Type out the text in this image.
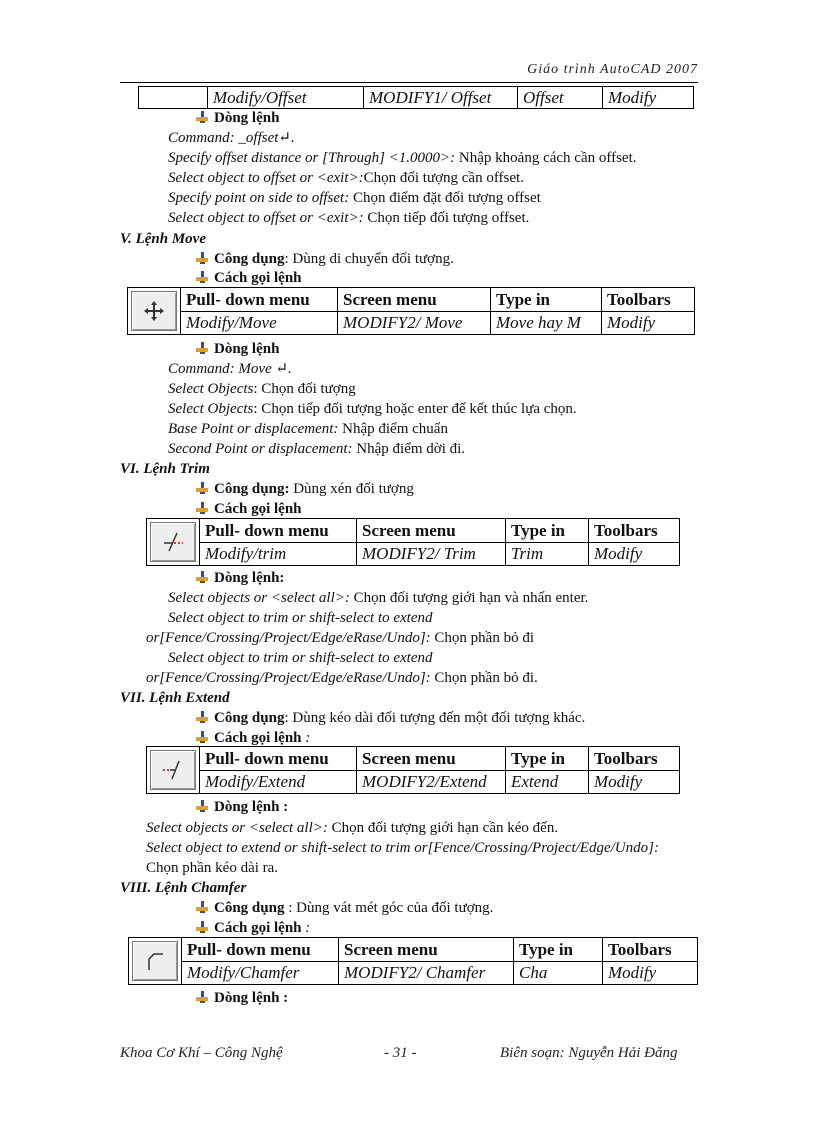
Giáo trình AutoCAD 2007
	Modify/Offset	MODIFY1/ Offset	Offset	Modify
Dòng lệnh
Command: _offset↵.
Specify offset distance or [Through] <1.0000>: Nhập khoảng cách cần offset.
Select object to offset or <exit>:Chọn đối tượng cần offset.
Specify point on side to offset: Chọn điểm đặt đối tượng offset
Select object to offset or <exit>: Chọn tiếp đối tượng offset.
V. Lệnh Move
Công dụng: Dùng di chuyển đối tượng.
Cách gọi lệnh
	Pull- down menu	Screen menu	Type in	Toolbars
	Modify/Move	MODIFY2/ Move	Move hay M	Modify
Dòng lệnh
Command: Move ↵.
Select Objects: Chọn đối tượng
Select Objects: Chọn tiếp đối tượng hoặc enter để kết thúc lựa chọn.
Base Point or displacement: Nhập điểm chuẩn
Second Point or displacement: Nhập điểm dời đi.
VI. Lệnh Trim
Công dụng: Dùng xén đối tượng
Cách gọi lệnh
	Pull- down menu	Screen menu	Type in	Toolbars
	Modify/trim	MODIFY2/ Trim	Trim	Modify
Dòng lệnh:
Select objects or <select all>: Chọn đối tượng giới hạn và nhấn enter.
Select object to trim or shift-select to extend
or[Fence/Crossing/Project/Edge/eRase/Undo]: Chọn phần bỏ đi
Select object to trim or shift-select to extend
or[Fence/Crossing/Project/Edge/eRase/Undo]: Chọn phần bỏ đi.
VII. Lệnh Extend
Công dụng: Dùng kéo dài đối tượng đến một đối tượng khác.
Cách gọi lệnh :
	Pull- down menu	Screen menu	Type in	Toolbars
	Modify/Extend	MODIFY2/Extend	Extend	Modify
Dòng lệnh :
Select objects or <select all>: Chọn đối tượng giới hạn cần kéo đến.
Select object to extend or shift-select to trim or[Fence/Crossing/Project/Edge/Undo]:
Chọn phần kéo dài ra.
VIII. Lệnh Chamfer
Công dụng : Dùng vát mét góc của đối tượng.
Cách gọi lệnh :
	Pull- down menu	Screen menu	Type in	Toolbars
	Modify/Chamfer	MODIFY2/ Chamfer	Cha	Modify
Dòng lệnh :
Khoa Cơ Khí – Công Nghệ	- 31 -	Biên soạn: Nguyễn Hải Đăng
